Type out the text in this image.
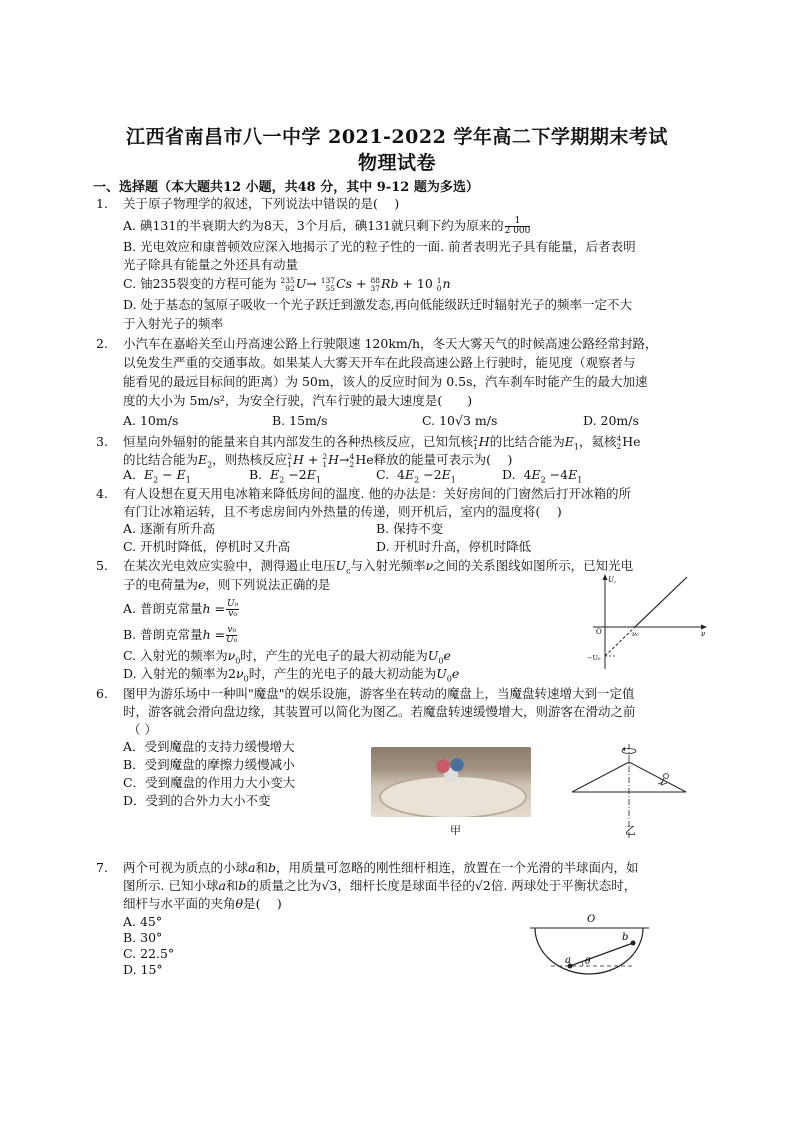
江西省南昌市八一中学 2021-2022 学年高二下学期期末考试
物理试卷
一、选择题（本大题共12 小题，共48 分，其中 9-12 题为多选）
1. 关于原子物理学的叙述，下列说法中错误的是(　 )
A. 碘131的半衰期大约为8天，3个月后，碘131就只剩下约为原来的 $\frac{1}{2 000}$
B. 光电效应和康普顿效应深入地揭示了光的粒子性的一面. 前者表明光子具有能量，后者表明
光子除具有能量之外还具有动量
C. 铀235裂变的方程可能为 235
92 U→ 137
55 Cs + 88
37 Rb + 10 1
0 n
D. 处于基态的氢原子吸收一个光子跃迁到激发态,再向低能级跃迁时辐射光子的频率一定不大
于入射光子的频率
2. 小汽车在嘉峪关至山丹高速公路上行驶限速 120km/h，冬天大雾天气的时候高速公路经常封路，
以免发生严重的交通事故。如果某人大雾天开车在此段高速公路上行驶时，能见度（观察者与
能看见的最远目标间的距离）为 50m，该人的反应时间为 0.5s，汽车刹车时能产生的最大加速
度的大小为 5m/s²，为安全行驶，汽车行驶的最大速度是(　　)
A. 10m/s	B. 15m/s	C. 10√3 m/s	D. 20m/s
3. 恒星向外辐射的能量来自其内部发生的各种热核反应，已知氘核 2
1 H的比结合能为$E_1$，氦核 4
2 He
的比结合能为$E_2$，则热核反应 2
1 H + 2
1 H→ 4
2 He释放的能量可表示为(　 )
A. $E_2 - E_1$	B. $E_2 -2E_1$	C.  $4E_2 -2E_1$	D.  $4E_2 -4E_1$
4. 有人设想在夏天用电冰箱来降低房间的温度. 他的办法是：关好房间的门窗然后打开冰箱的所
有门让冰箱运转，且不考虑房间内外热量的传递，则开机后，室内的温度将(　 )
A. 逐渐有所升高	B. 保持不变
C. 开机时降低，停机时又升高	D. 开机时升高，停机时降低
5. 在某次光电效应实验中，测得遏止电压$U_c$与入射光频率ν之间的关系图线如图所示，已知光电
子的电荷量为e，则下列说法正确的是
A. 普朗克常量$h = \frac{\text{U₀}}{\text{v₀}}$
B. 普朗克常量$h = \frac{\text{v₀}}{\text{U₀}}$
C. 入射光的频率为$\nu_0$时，产生的光电子的最大初动能为$U_0e$
D. 入射光的频率为$2\nu_0$时，产生的光电子的最大初动能为$U_0e$
U꜀
O	ν₀	ν
−U₀
6. 图甲为游乐场中一种叫"魔盘"的娱乐设施，游客坐在转动的魔盘上，当魔盘转速增大到一定值
时，游客就会滑向盘边缘，其装置可以简化为图乙。若魔盘转速缓慢增大，则游客在滑动之前
（ ）
A．受到魔盘的支持力缓慢增大
B．受到魔盘的摩擦力缓慢减小
C．受到魔盘的作用力大小变大
D．受到的合外力大小不变
甲	乙
7. 两个可视为质点的小球a和b，用质量可忽略的刚性细杆相连，放置在一个光滑的半球面内，如
图所示. 已知小球a和b的质量之比为√3，细杆长度是球面半径的√2倍. 两球处于平衡状态时，
细杆与水平面的夹角θ是(　 )
A. 45°
B. 30°
C. 22.5°
D. 15°
O
b
a θ
